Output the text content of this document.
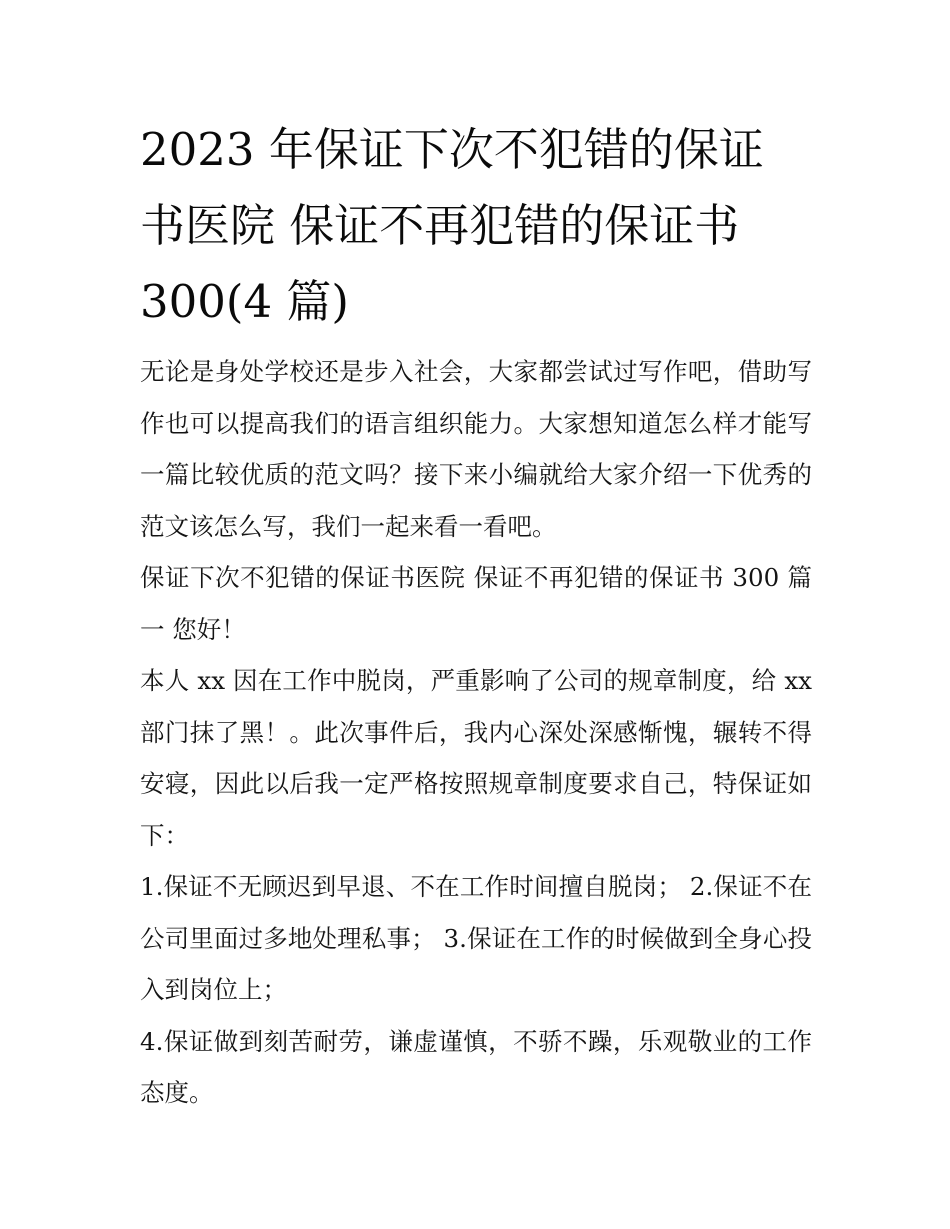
2023 年保证下次不犯错的保证
书医院 保证不再犯错的保证书
300(4 篇)

无论是身处学校还是步入社会，大家都尝试过写作吧，借助写作也可以提高我们的语言组织能力。大家想知道怎么样才能写一篇比较优质的范文吗？接下来小编就给大家介绍一下优秀的范文该怎么写，我们一起来看一看吧。

保证下次不犯错的保证书医院 保证不再犯错的保证书 300 篇一 您好！

本人 xx 因在工作中脱岗，严重影响了公司的规章制度，给 xx 部门抹了黑！。此次事件后，我内心深处深感惭愧，辗转不得安寝，因此以后我一定严格按照规章制度要求自己，特保证如下：

1.保证不无顾迟到早退、不在工作时间擅自脱岗； 2.保证不在公司里面过多地处理私事； 3.保证在工作的时候做到全身心投入到岗位上；

4.保证做到刻苦耐劳，谦虚谨慎，不骄不躁，乐观敬业的工作态度。
